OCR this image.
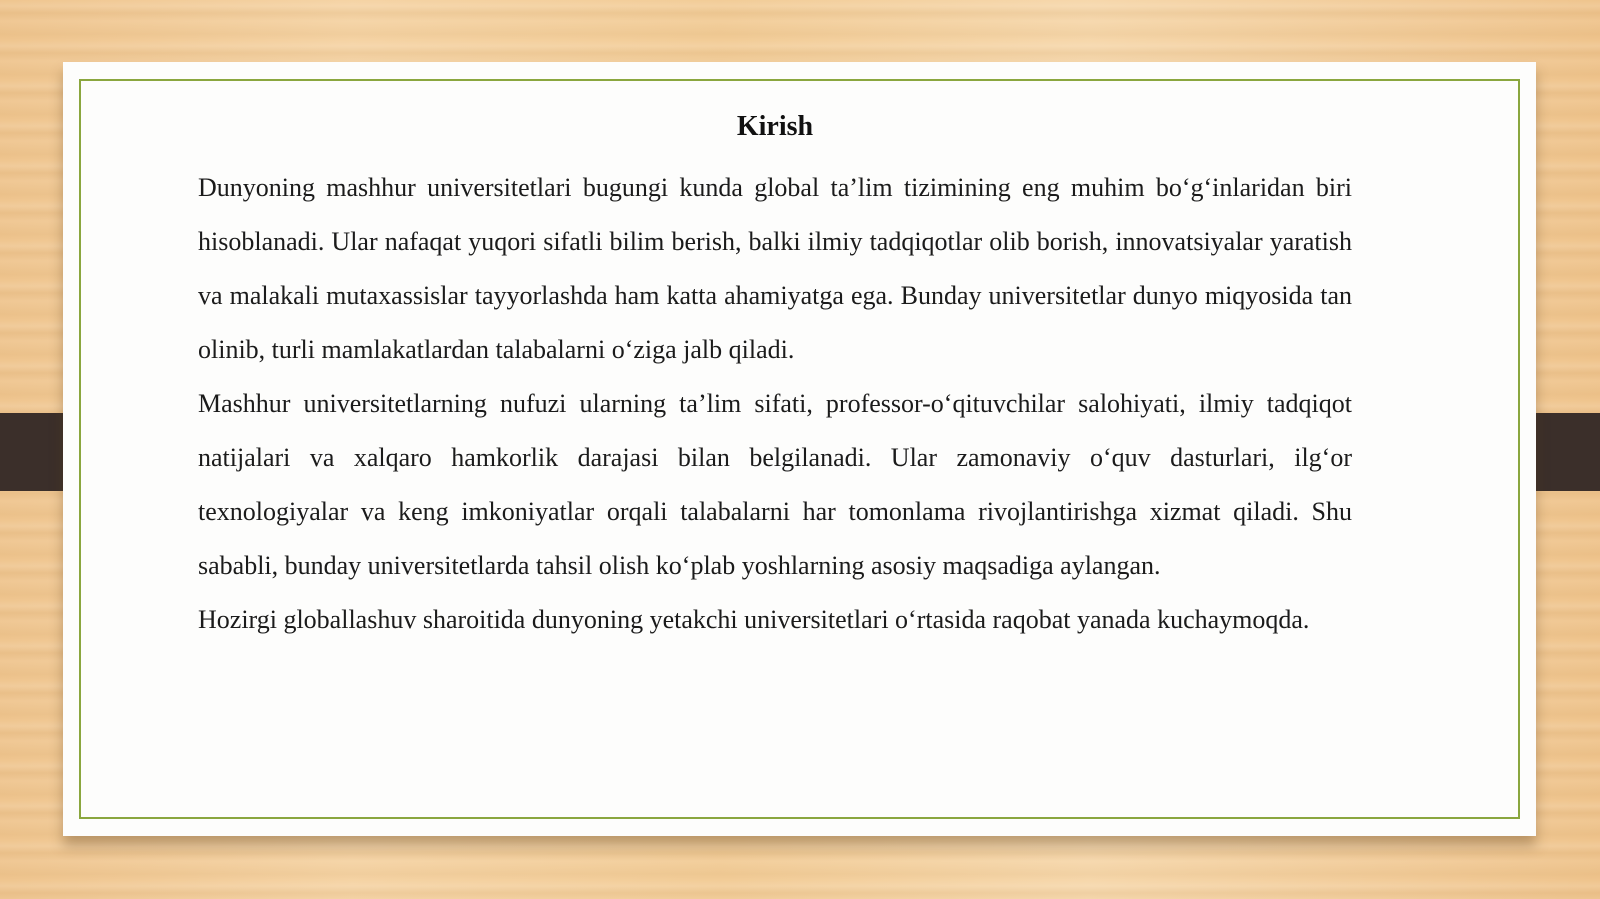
Kirish

Dunyoning mashhur universitetlari bugungi kunda global ta’lim tizimining eng muhim bo‘g‘inlaridan biri hisoblanadi. Ular nafaqat yuqori sifatli bilim berish, balki ilmiy tadqiqotlar olib borish, innovatsiyalar yaratish va malakali mutaxassislar tayyorlashda ham katta ahamiyatga ega. Bunday universitetlar dunyo miqyosida tan olinib, turli mamlakatlardan talabalarni o‘ziga jalb qiladi.

Mashhur universitetlarning nufuzi ularning ta’lim sifati, professor-o‘qituvchilar salohiyati, ilmiy tadqiqot natijalari va xalqaro hamkorlik darajasi bilan belgilanadi. Ular zamonaviy o‘quv dasturlari, ilg‘or texnologiyalar va keng imkoniyatlar orqali talabalarni har tomonlama rivojlantirishga xizmat qiladi. Shu sababli, bunday universitetlarda tahsil olish ko‘plab yoshlarning asosiy maqsadiga aylangan.

Hozirgi globallashuv sharoitida dunyoning yetakchi universitetlari o‘rtasida raqobat yanada kuchaymoqda.
